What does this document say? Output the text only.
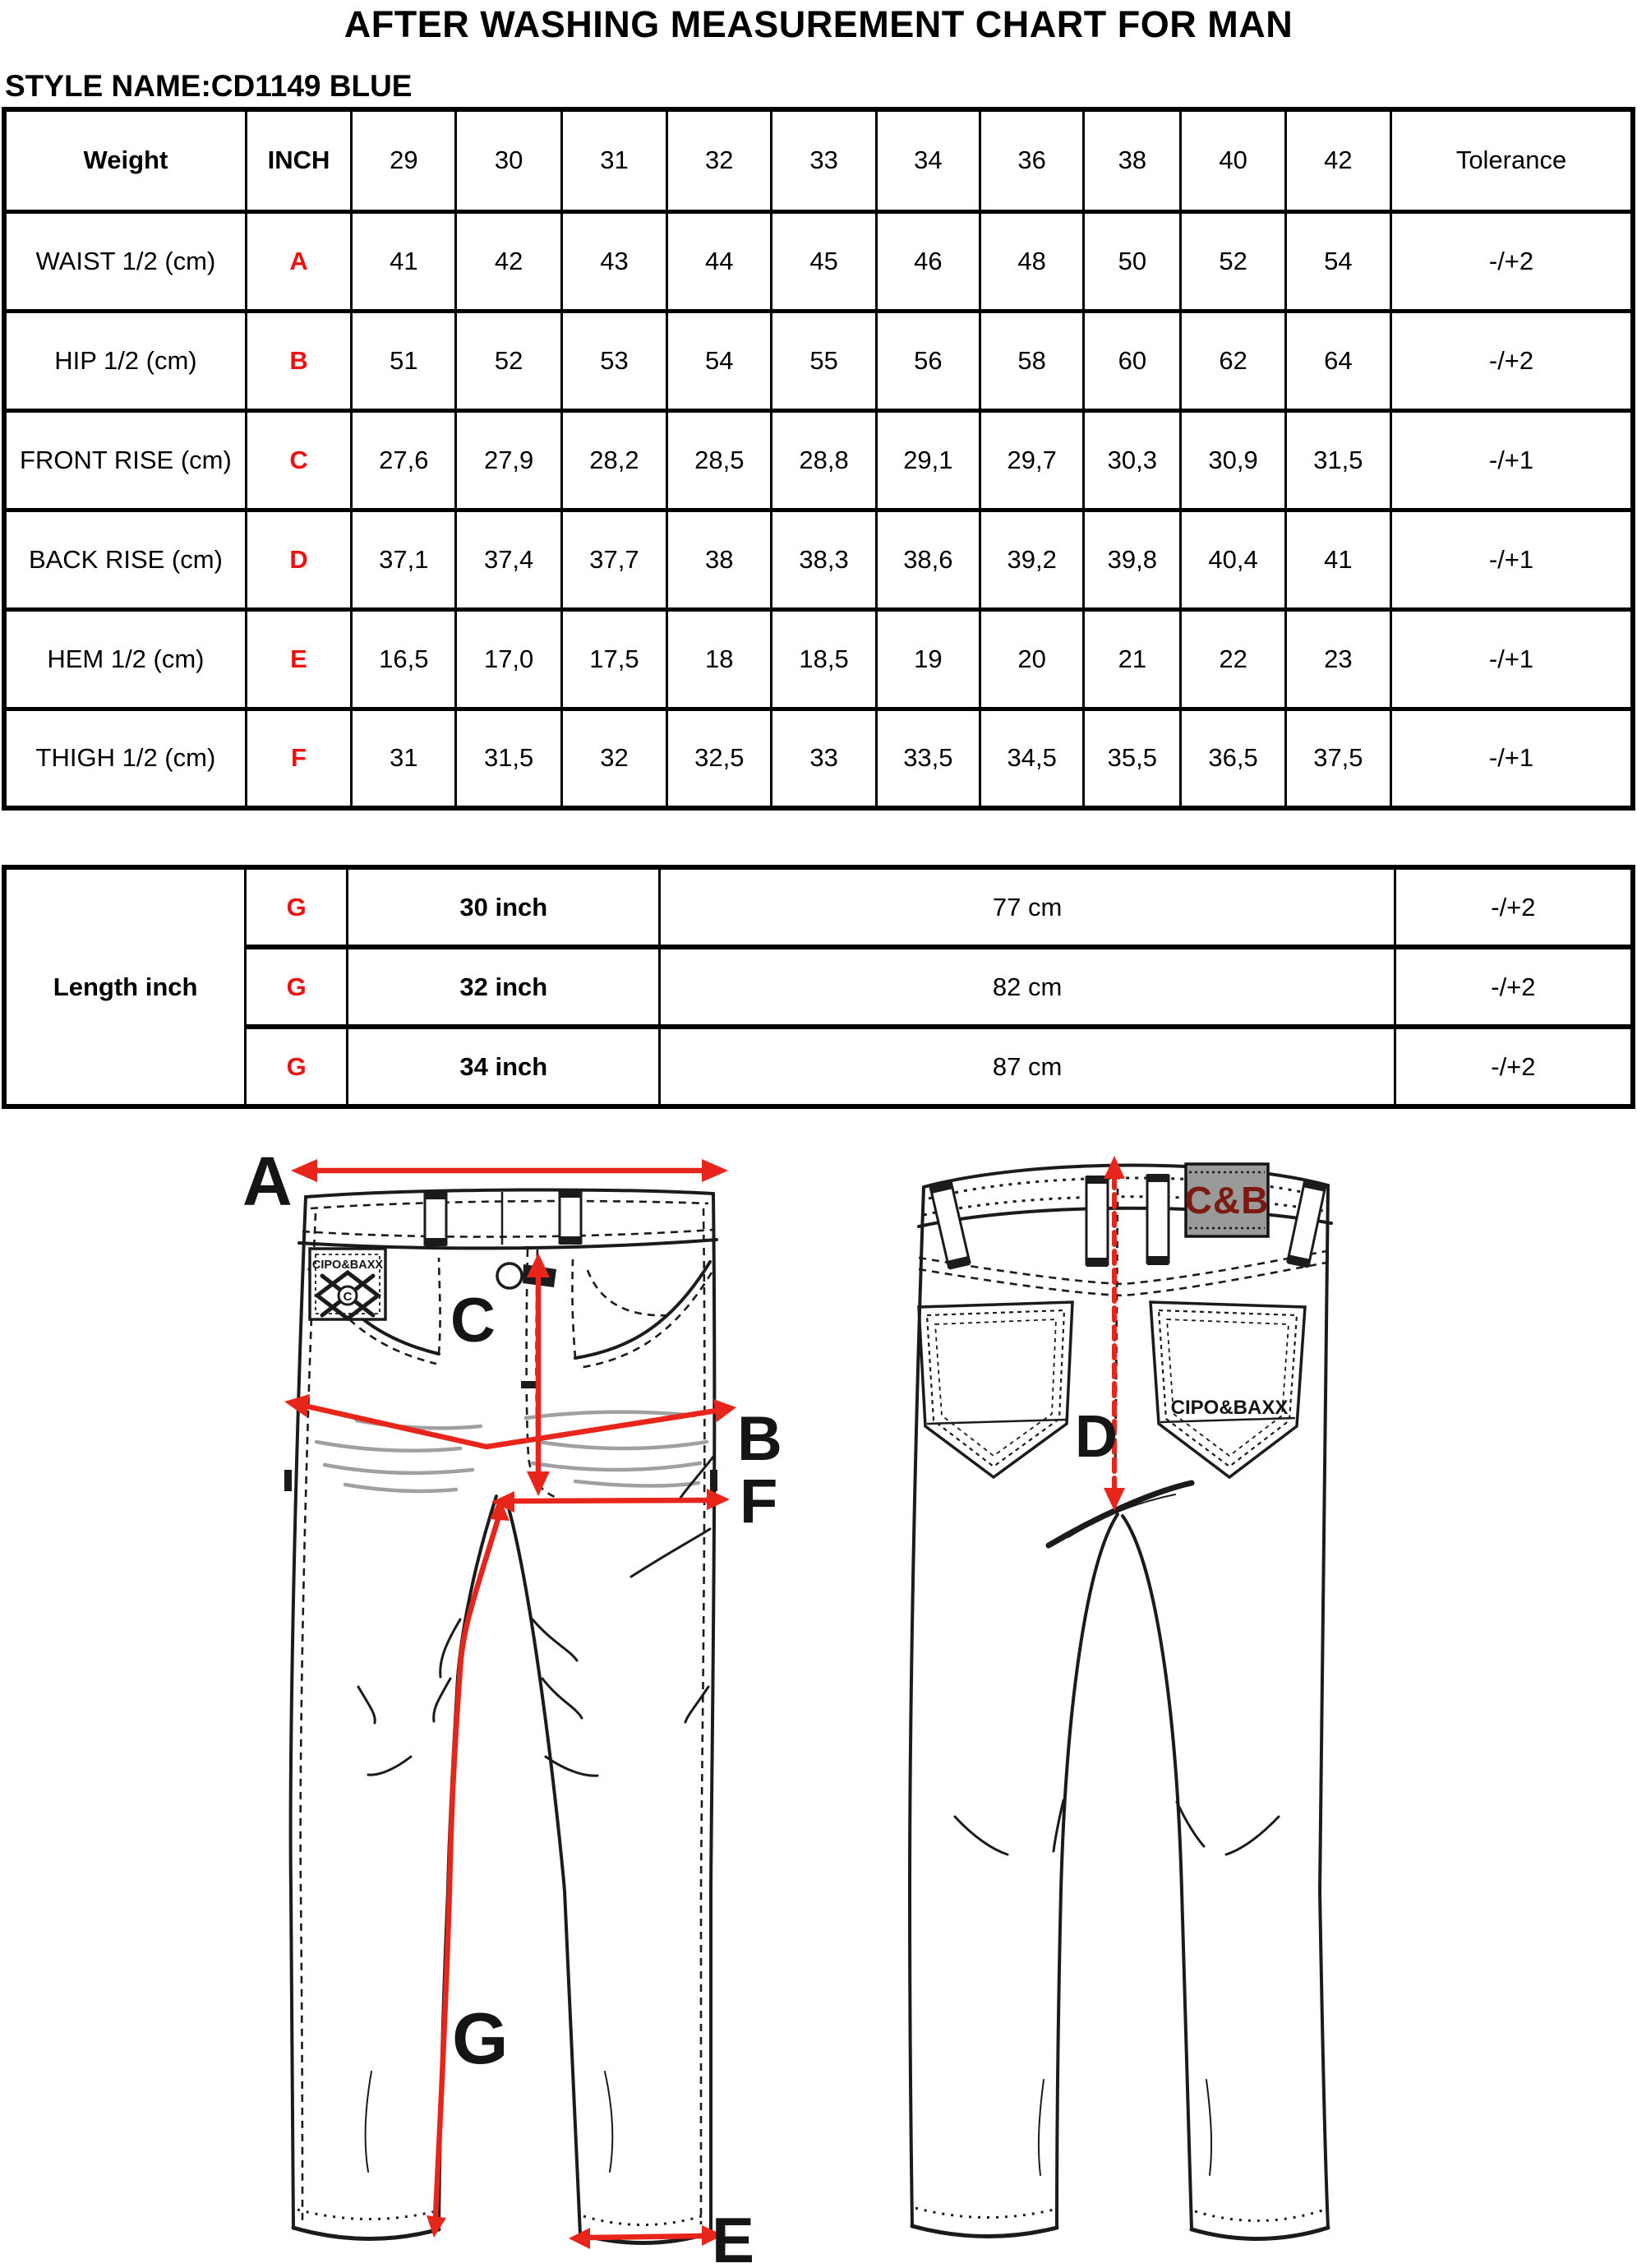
AFTER WASHING MEASUREMENT CHART FOR MAN
STYLE NAME:CD1149 BLUE
Weight	INCH	29	30	31	32	33	34	36	38	40	42	Tolerance
WAIST 1/2 (cm)	A	41	42	43	44	45	46	48	50	52	54	-/+2
HIP 1/2 (cm)	B	51	52	53	54	55	56	58	60	62	64	-/+2
FRONT RISE (cm)	C	27,6	27,9	28,2	28,5	28,8	29,1	29,7	30,3	30,9	31,5	-/+1
BACK RISE (cm)	D	37,1	37,4	37,7	38	38,3	38,6	39,2	39,8	40,4	41	-/+1
HEM 1/2 (cm)	E	16,5	17,0	17,5	18	18,5	19	20	21	22	23	-/+1
THIGH 1/2 (cm)	F	31	31,5	32	32,5	33	33,5	34,5	35,5	36,5	37,5	-/+1
Length inch	G	30 inch	77 cm	-/+2
	G	32 inch	82 cm	-/+2
	G	34 inch	87 cm	-/+2
CIPO&BAXX
C
A
C
B
F
G
E
C&B
CIPO&BAXX
D
